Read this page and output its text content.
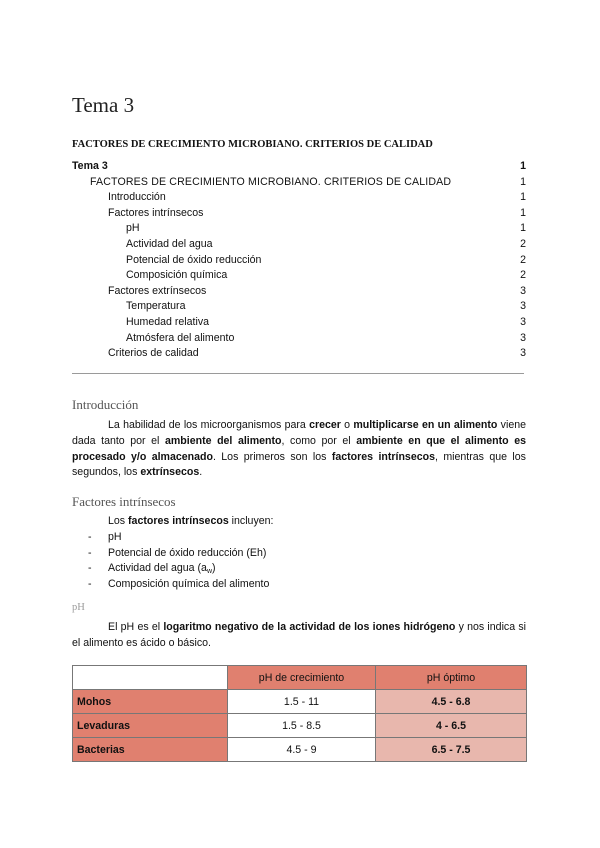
Tema 3
FACTORES DE CRECIMIENTO MICROBIANO. CRITERIOS DE CALIDAD
Tema 3	1
FACTORES DE CRECIMIENTO MICROBIANO. CRITERIOS DE CALIDAD	1
Introducción	1
Factores intrínsecos	1
pH	1
Actividad del agua	2
Potencial de óxido reducción	2
Composición química	2
Factores extrínsecos	3
Temperatura	3
Humedad relativa	3
Atmósfera del alimento	3
Criterios de calidad	3
Introducción

La habilidad de los microorganismos para crecer o multiplicarse en un alimento viene dada tanto por el ambiente del alimento, como por el ambiente en que el alimento es procesado y/o almacenado. Los primeros son los factores intrínsecos, mientras que los segundos, los extrínsecos.

Factores intrínsecos
Los factores intrínsecos incluyen:
- pH
- Potencial de óxido reducción (Eh)
- Actividad del agua $(a_w)$
- Composición química del alimento
pH

El pH es el logaritmo negativo de la actividad de los iones hidrógeno y nos indica si el alimento es ácido o básico.

	pH de crecimiento	pH óptimo
Mohos	1.5 - 11	4.5 - 6.8
Levaduras	1.5 - 8.5	4 - 6.5
Bacterias	4.5 - 9	6.5 - 7.5
